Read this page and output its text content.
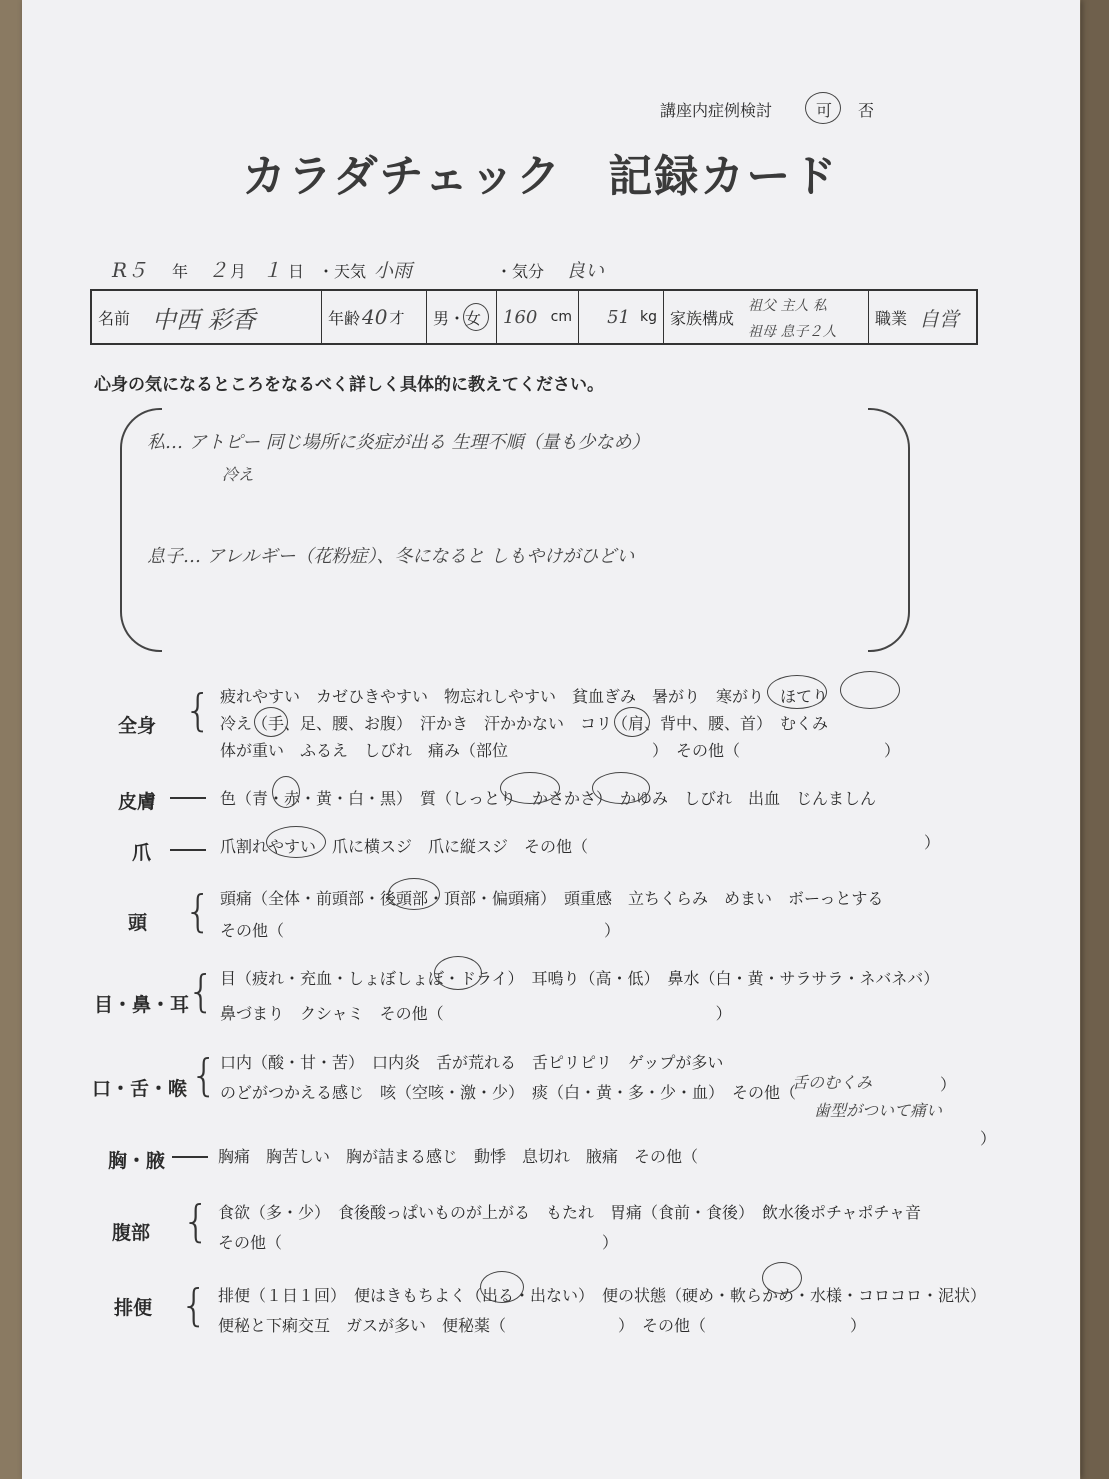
講座内症例検討	可 否
カラダチェック　記録カード
R５ 年 ２ 月 １ 日 ・天気 小雨	・気分 良い
名前 中西 彩香	年齢 40 才 男・女 160 cm 51 kg 家族構成
祖父 主人 私
祖母 息子２人
職業 自営
心身の気になるところをなるべく詳しく具体的に教えてください。
私… アトピー 同じ場所に炎症が出る 生理不順（量も少なめ）
冷え
息子… アレルギー（花粉症）、冬になると しもやけがひどい
全身 { 疲れやすい　カゼひきやすい　物忘れしやすい　貧血ぎみ　暑がり　寒がり　ほてり
冷え（手、足、腰、お腹）　汗かき　汗かかない　コリ（肩、背中、腰、首）　むくみ
体が重い　ふるえ　しびれ　痛み（部位　　　　　　　　　）　その他（　　　　　　　　　）
皮膚	色（青・赤・黄・白・黒）　質（しっとり　かさかさ）　かゆみ　しびれ　出血　じんましん
爪	爪割れやすい　爪に横スジ　爪に縦スジ　その他（	）
頭 { 頭痛（全体・前頭部・後頭部・頂部・偏頭痛）　頭重感　立ちくらみ　めまい　ボーっとする
その他（　　　　　　　　　　　　　　　　　　　　）
目・鼻・耳
{ 目（疲れ・充血・しょぼしょぼ・ドライ）　耳鳴り（高・低）　鼻水（白・黄・サラサラ・ネバネバ）
鼻づまり　クシャミ　その他（　　　　　　　　　　　　　　　　　）
口・舌・喉 { 口内（酸・甘・苦）　口内炎　舌が荒れる　舌ピリピリ　ゲップが多い
のどがつかえる感じ　咳（空咳・激・少）　痰（白・黄・多・少・血）　その他（
舌のむくみ
歯型がついて痛い
）
胸・腋	胸痛　胸苦しい　胸が詰まる感じ　動悸　息切れ　腋痛　その他（
）
腹部 { 食欲（多・少）　食後酸っぱいものが上がる　もたれ　胃痛（食前・食後）　飲水後ポチャポチャ音
その他（　　　　　　　　　　　　　　　　　　　　）
排便 { 排便（１日１回）　便はきもちよく（出る・出ない）　便の状態（硬め・軟らかめ・水様・コロコロ・泥状）
便秘と下痢交互　ガスが多い　便秘薬（　　　　　　　）　その他（　　　　　　　　　）
